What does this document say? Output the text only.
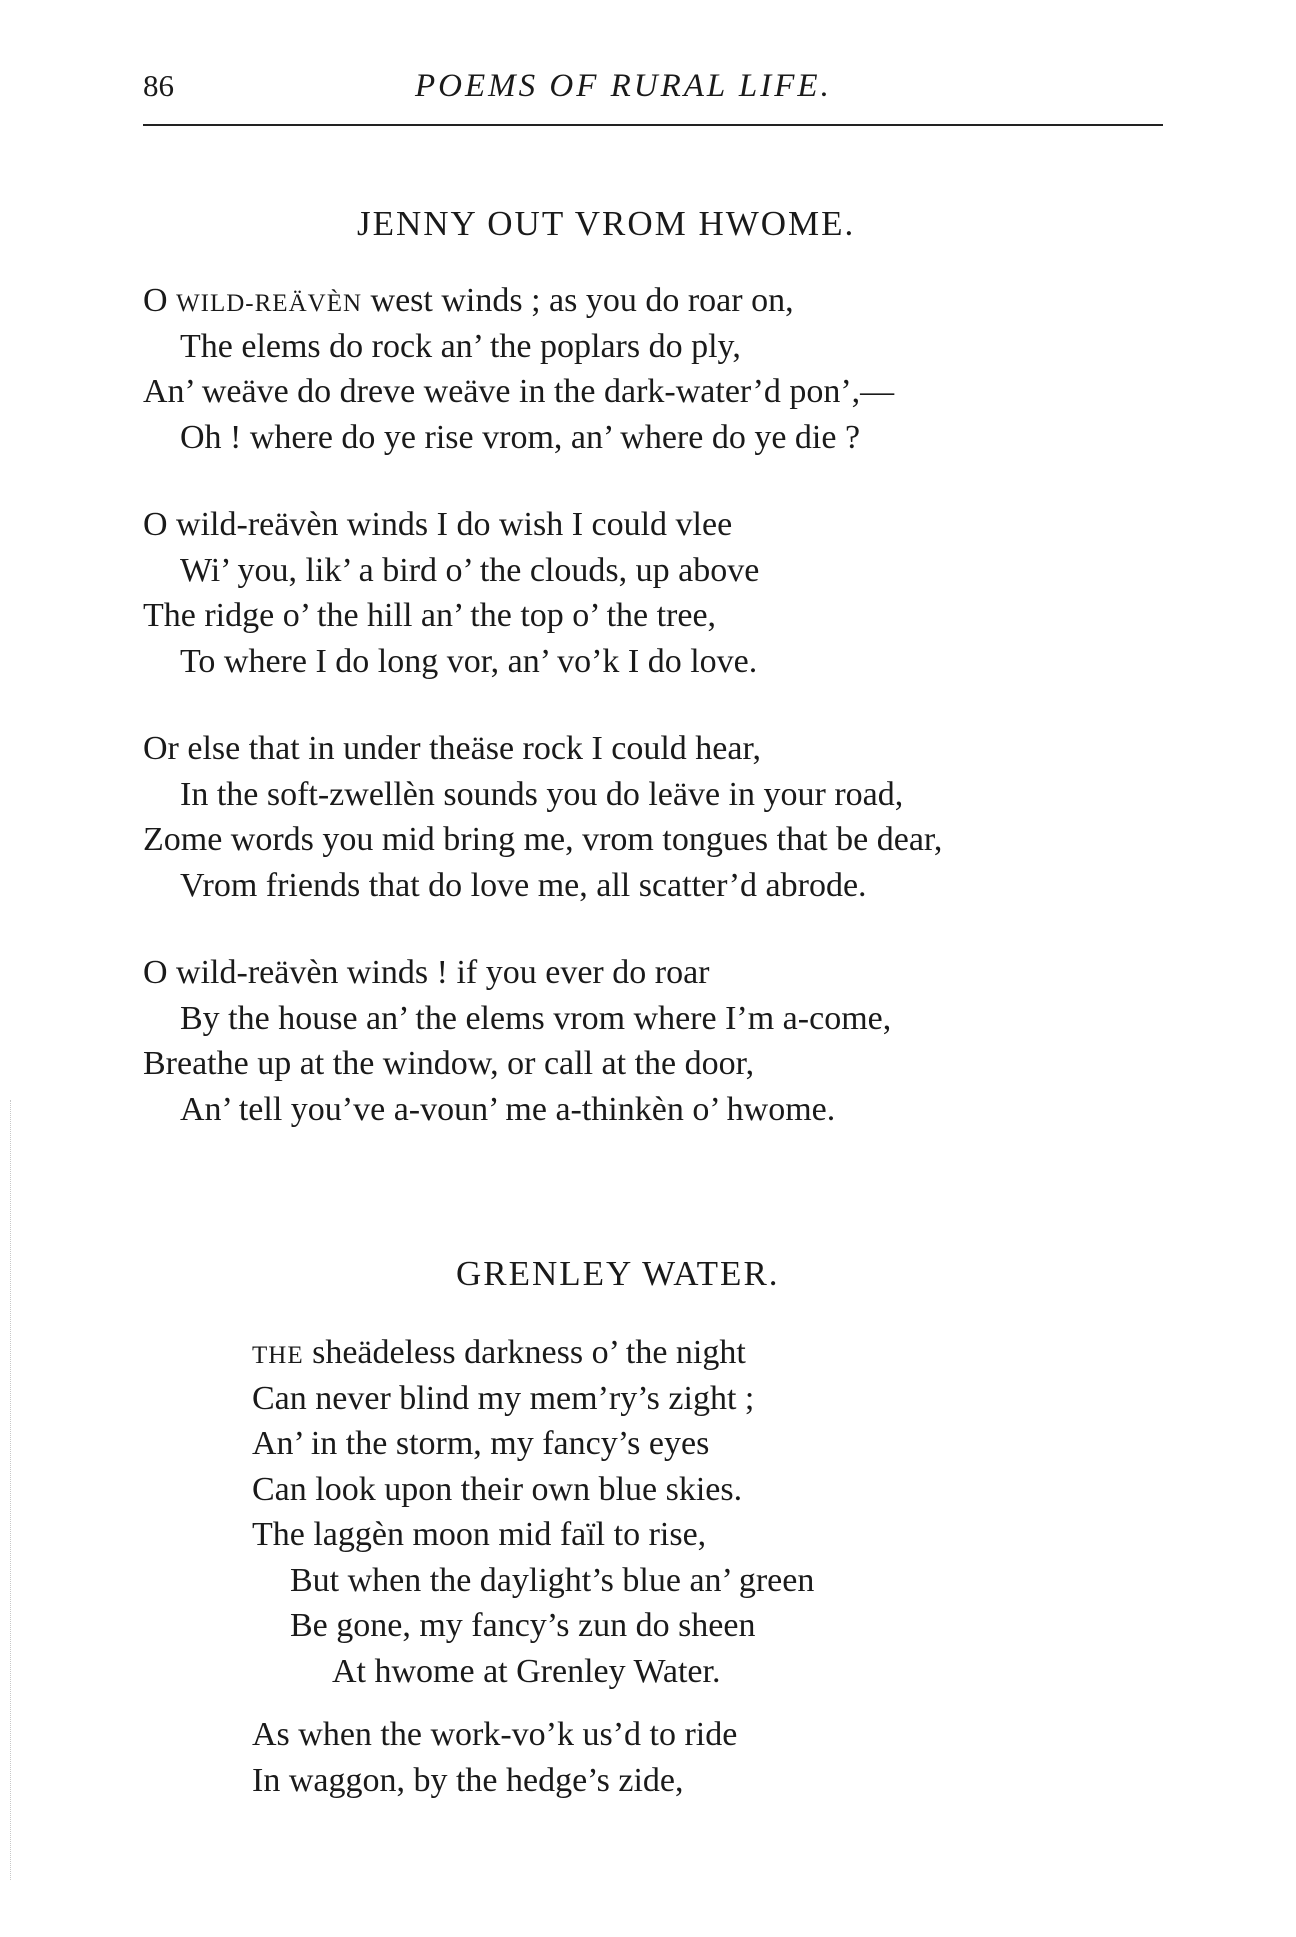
86	POEMS OF RURAL LIFE.
JENNY OUT VROM HWOME.
O WILD-REÄVÈN west winds ; as you do roar on,
The elems do rock an’ the poplars do ply,
An’ weäve do dreve weäve in the dark-water’d pon’,—
Oh ! where do ye rise vrom, an’ where do ye die ?
O wild-reävèn winds I do wish I could vlee
Wi’ you, lik’ a bird o’ the clouds, up above
The ridge o’ the hill an’ the top o’ the tree,
To where I do long vor, an’ vo’k I do love.
Or else that in under theäse rock I could hear,
In the soft-zwellèn sounds you do leäve in your road,
Zome words you mid bring me, vrom tongues that be dear,
Vrom friends that do love me, all scatter’d abrode.
O wild-reävèn winds ! if you ever do roar
By the house an’ the elems vrom where I’m a-come,
Breathe up at the window, or call at the door,
An’ tell you’ve a-voun’ me a-thinkèn o’ hwome.
GRENLEY WATER.
THE sheädeless darkness o’ the night
Can never blind my mem’ry’s zight ;
An’ in the storm, my fancy’s eyes
Can look upon their own blue skies.
The laggèn moon mid faïl to rise,
But when the daylight’s blue an’ green
Be gone, my fancy’s zun do sheen
At hwome at Grenley Water.
As when the work-vo’k us’d to ride
In waggon, by the hedge’s zide,
